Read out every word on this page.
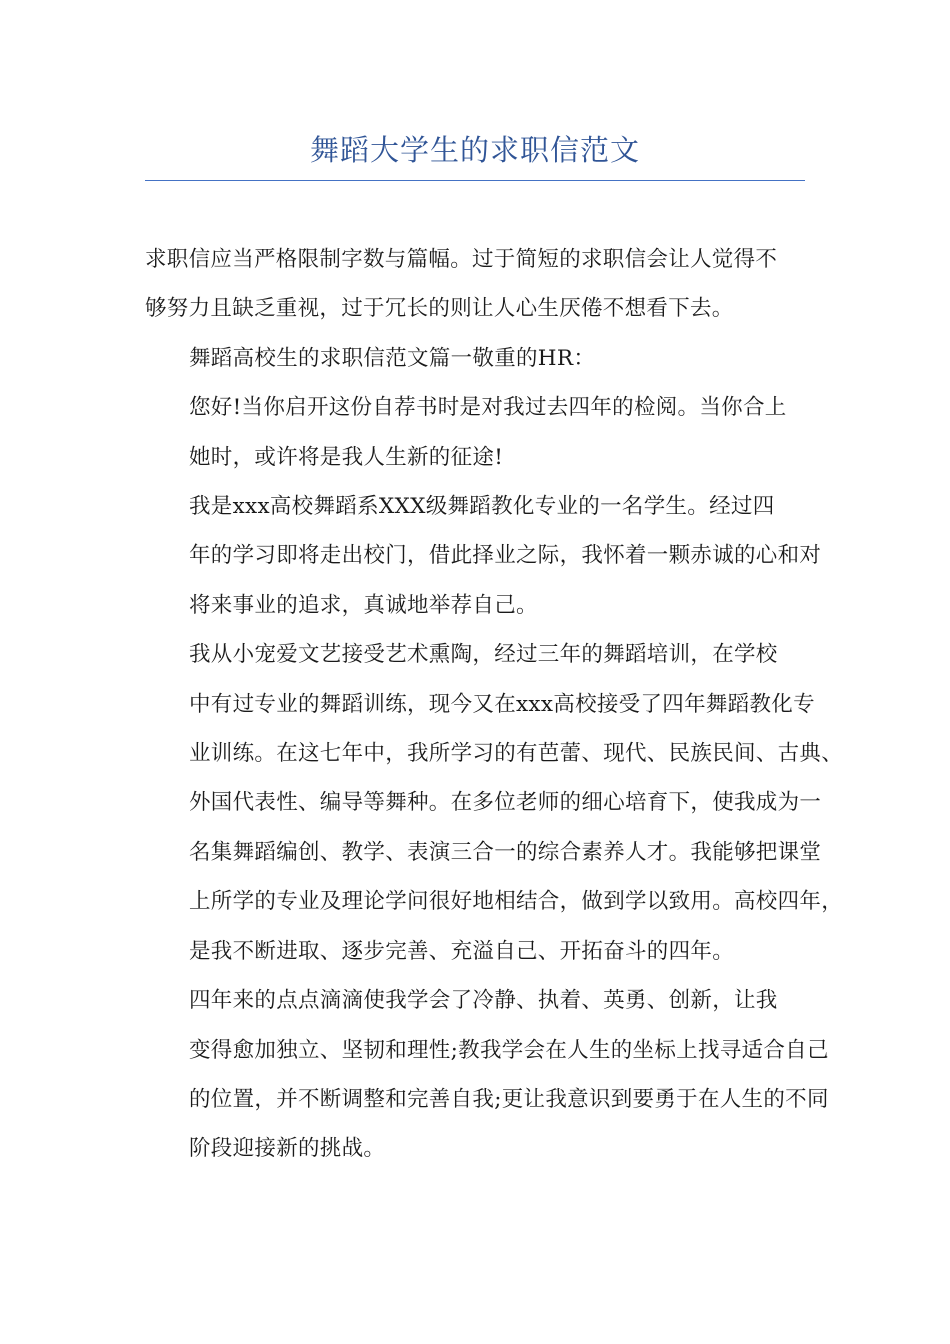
舞蹈大学生的求职信范文

求职信应当严格限制字数与篇幅。过于简短的求职信会让人觉得不
够努力且缺乏重视，过于冗长的则让人心生厌倦不想看下去。

舞蹈高校生的求职信范文篇一敬重的HR：

您好!当你启开这份自荐书时是对我过去四年的检阅。当你合上
她时，或许将是我人生新的征途!

我是xxx高校舞蹈系XXX级舞蹈教化专业的一名学生。经过四
年的学习即将走出校门，借此择业之际，我怀着一颗赤诚的心和对
将来事业的追求，真诚地举荐自己。

我从小宠爱文艺接受艺术熏陶，经过三年的舞蹈培训，在学校
中有过专业的舞蹈训练，现今又在xxx高校接受了四年舞蹈教化专
业训练。在这七年中，我所学习的有芭蕾、现代、民族民间、古典、
外国代表性、编导等舞种。在多位老师的细心培育下，使我成为一
名集舞蹈编创、教学、表演三合一的综合素养人才。我能够把课堂
上所学的专业及理论学问很好地相结合，做到学以致用。高校四年，
是我不断进取、逐步完善、充溢自己、开拓奋斗的四年。

四年来的点点滴滴使我学会了冷静、执着、英勇、创新，让我
变得愈加独立、坚韧和理性;教我学会在人生的坐标上找寻适合自己
的位置，并不断调整和完善自我;更让我意识到要勇于在人生的不同
阶段迎接新的挑战。
